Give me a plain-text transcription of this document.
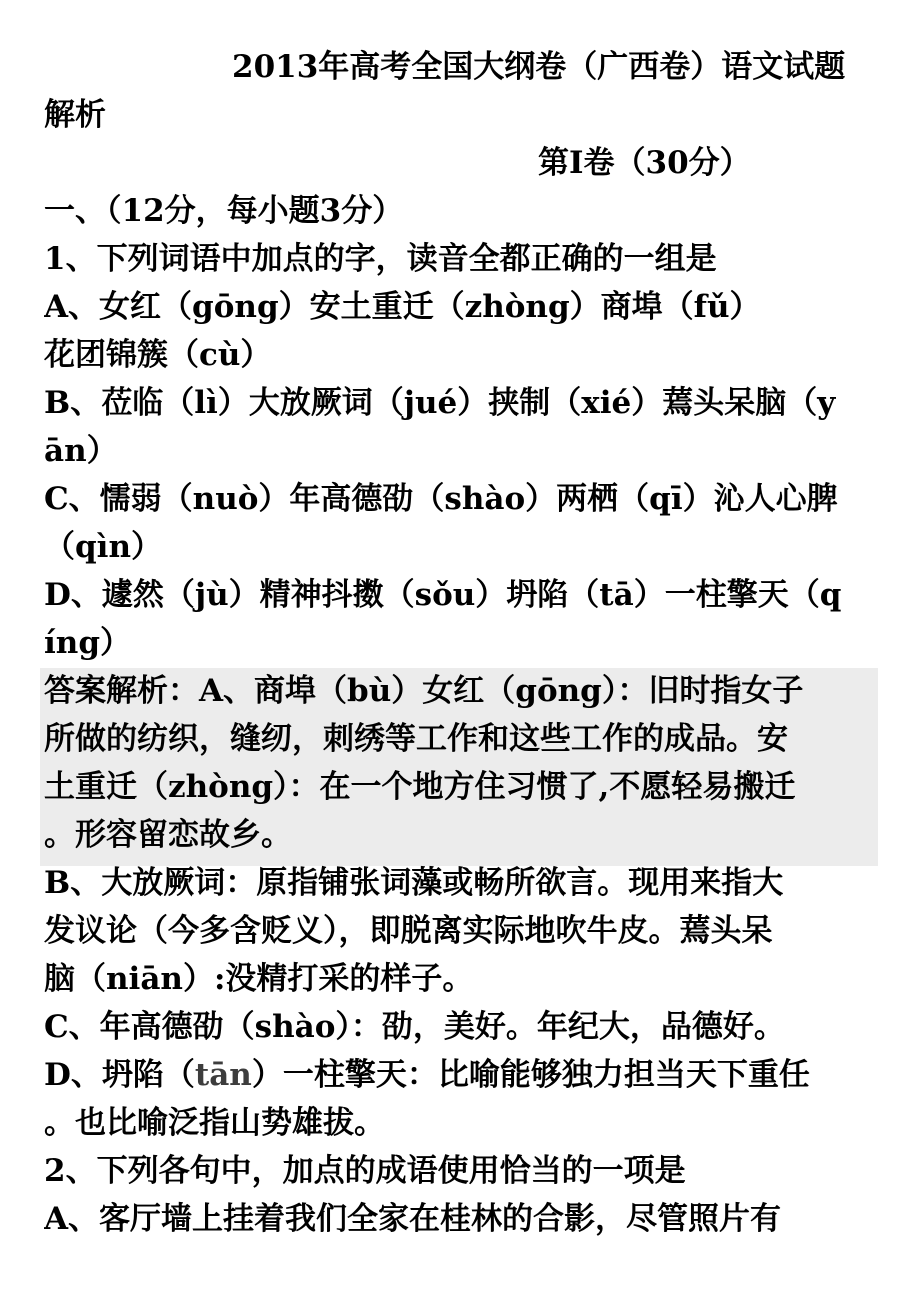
2013年高考全国大纲卷（广西卷）语文试题
解析
第I卷（30分）
一、（12分，每小题3分）
1、下列词语中加点的字，读音全都正确的一组是
A、女红（gōng）安土重迁（zhòng）商埠（fǔ）
花团锦簇（cù）
B、莅临（lì）大放厥词（jué）挟制（xié）蔫头呆脑（y
ān）
C、懦弱（nuò）年高德劭（shào）两栖（qī）沁人心脾
（qìn）
D、遽然（jù）精神抖擞（sǒu）坍陷（tā）一柱擎天（q
íng）
答案解析：A、商埠（bù）女红（gōng）：旧时指女子
所做的纺织，缝纫，刺绣等工作和这些工作的成品。安
土重迁（zhòng）：在一个地方住习惯了,不愿轻易搬迁
。形容留恋故乡。
B、大放厥词：原指铺张词藻或畅所欲言。现用来指大
发议论（今多含贬义），即脱离实际地吹牛皮。蔫头呆
脑（niān）:没精打采的样子。
C、年高德劭（shào）：劭，美好。年纪大，品德好。
D、坍陷（tān）一柱擎天：比喻能够独力担当天下重任
。也比喻泛指山势雄拔。
2、下列各句中，加点的成语使用恰当的一项是
A、客厅墙上挂着我们全家在桂林的合影，尽管照片有
